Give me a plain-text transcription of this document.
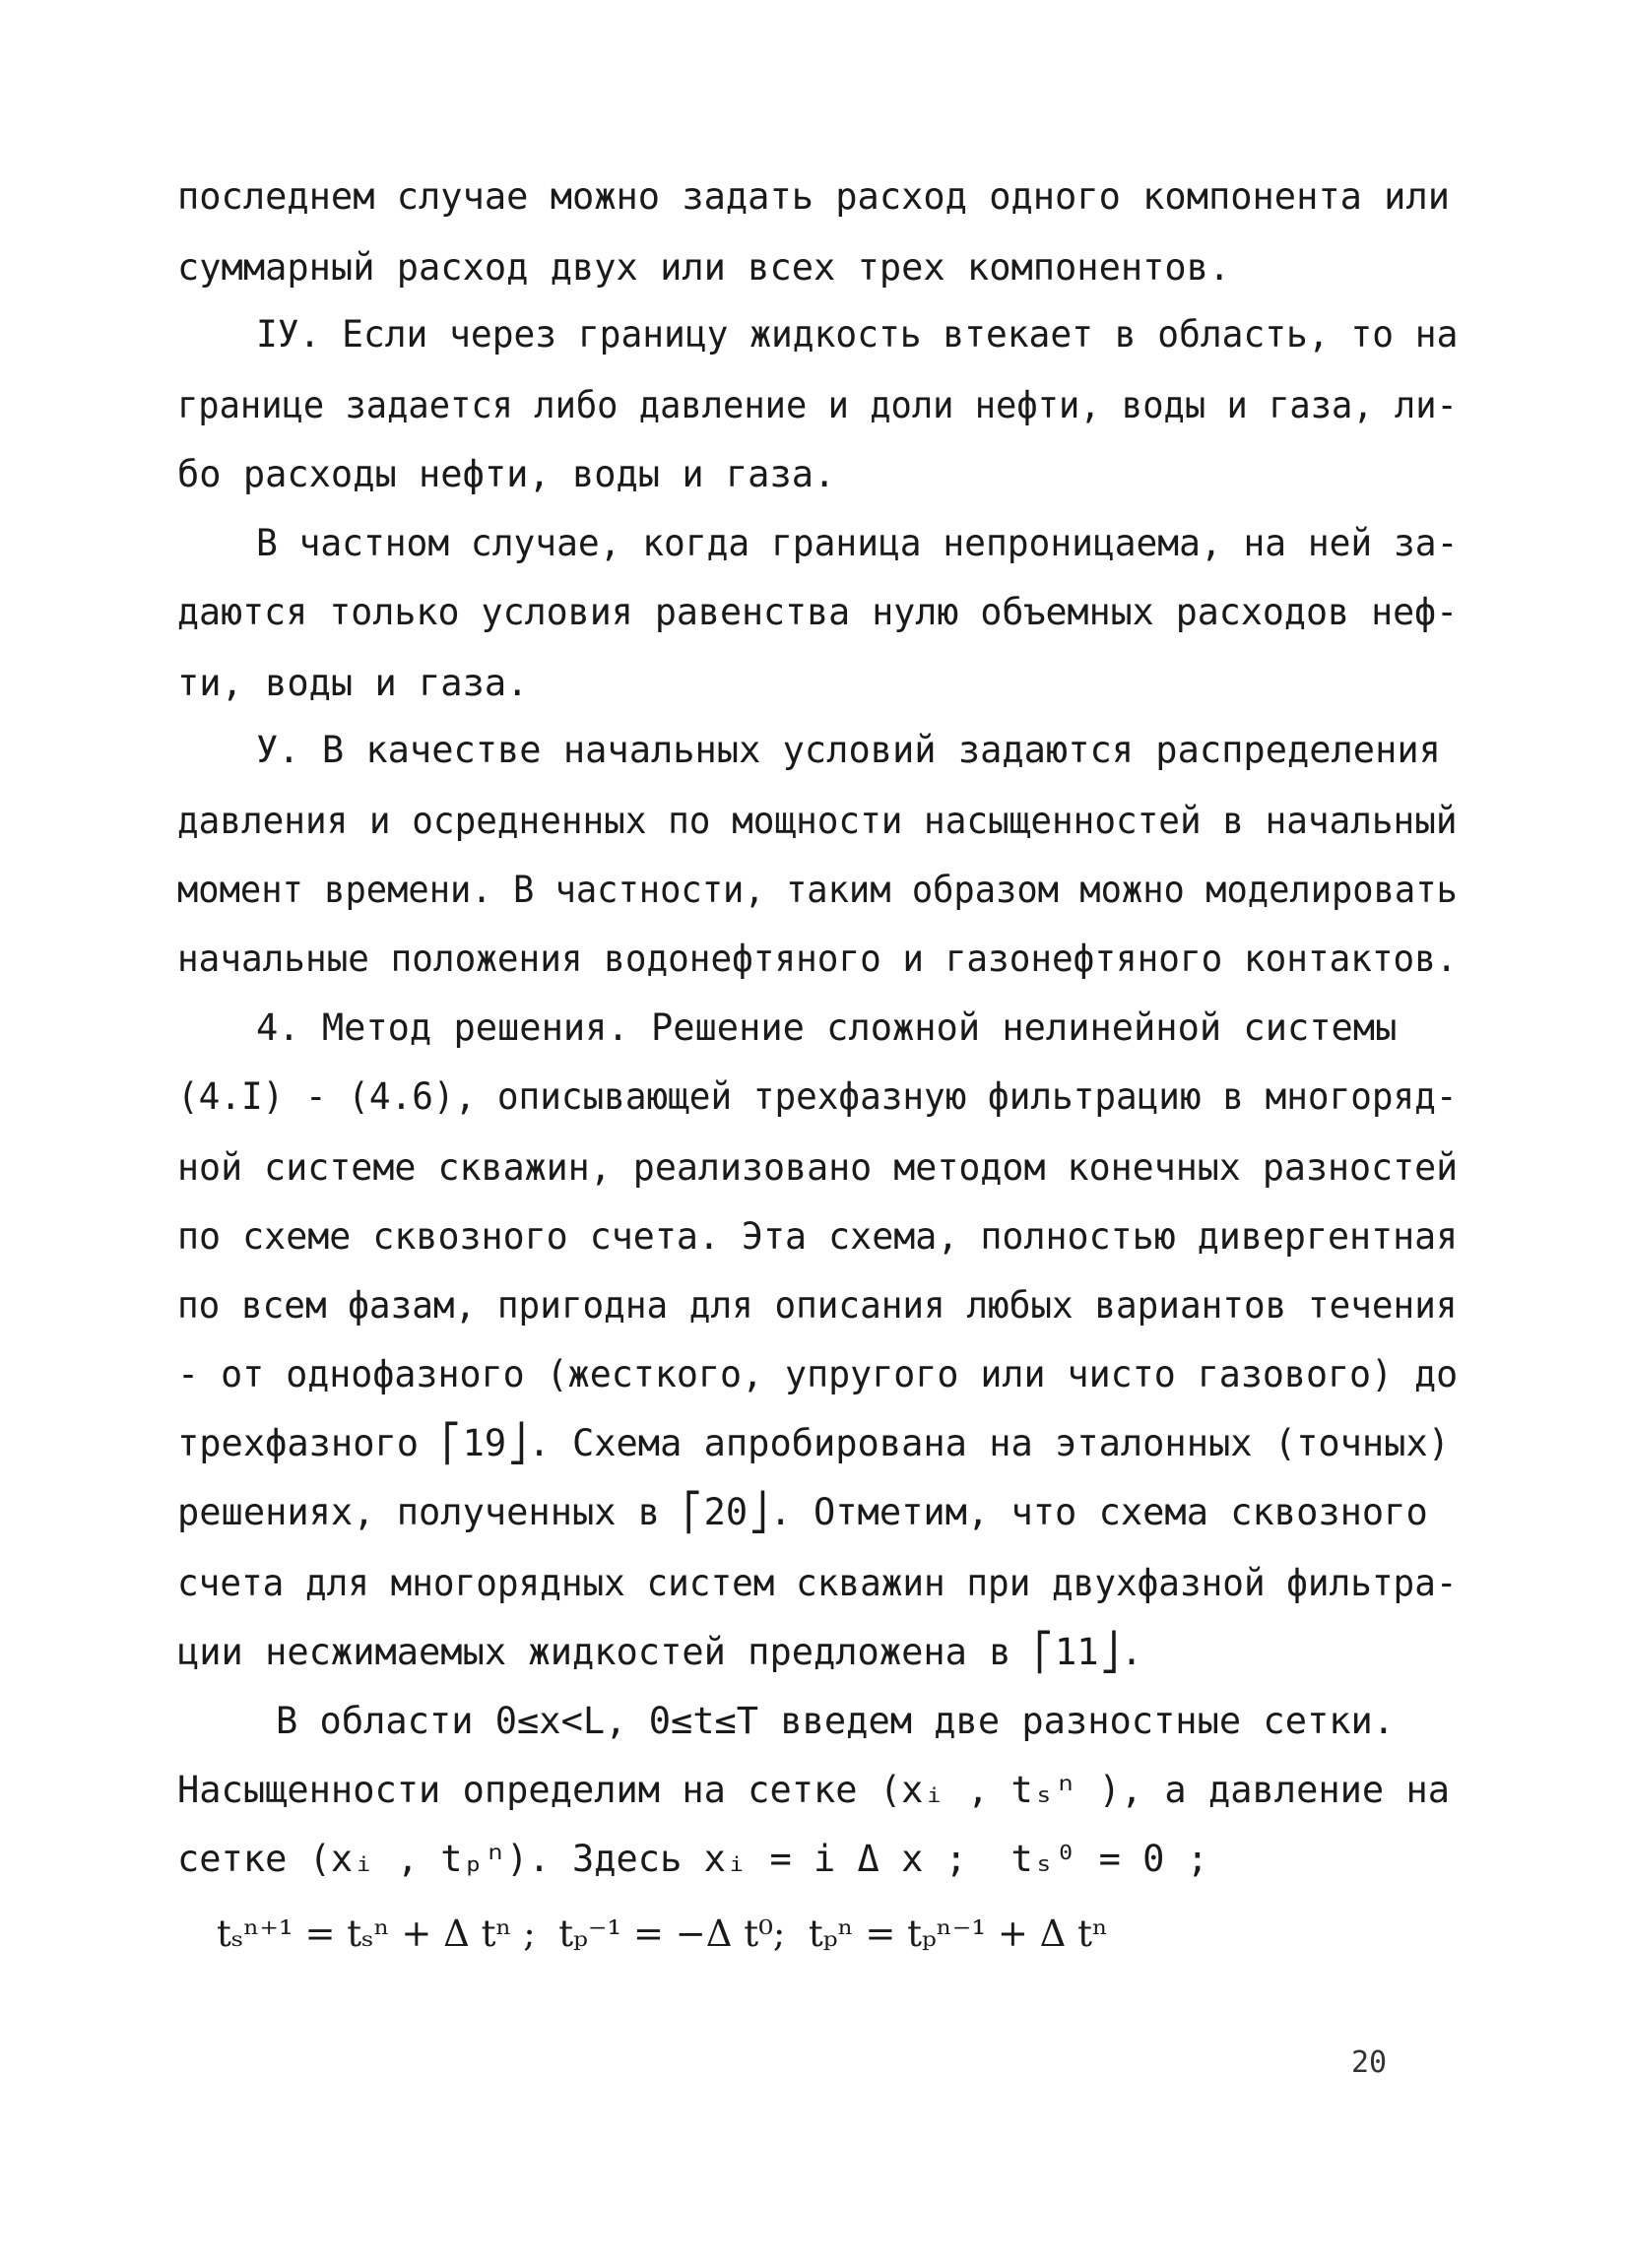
последнем случае можно задать расход одного компонента или
суммарный расход двух или всех трех компонентов.
IУ. Если через границу жидкость втекает в область, то на
границе задается либо давление и доли нефти, воды и газа, ли-
бо расходы нефти, воды и газа.
В частном случае, когда граница непроницаема, на ней за-
даются только условия равенства нулю объемных расходов неф-
ти, воды и газа.
У. В качестве начальных условий задаются распределения
давления и осредненных по мощности насыщенностей в начальный
момент времени. В частности, таким образом можно моделировать
начальные положения водонефтяного и газонефтяного контактов.
4. Метод решения. Решение сложной нелинейной системы
(4.I) - (4.6), описывающей трехфазную фильтрацию в многоряд-
ной системе скважин, реализовано методом конечных разностей
по схеме сквозного счета. Эта схема, полностью дивергентная
по всем фазам, пригодна для описания любых вариантов течения
- от однофазного (жесткого, упругого или чисто газового) до
трехфазного ⎡19⎦. Схема апробирована на эталонных (точных)
решениях, полученных в ⎡20⎦. Отметим, что схема сквозного
счета для многорядных систем скважин при двухфазной фильтра-
ции несжимаемых жидкостей предложена в ⎡11⎦.
В области 0≤x<L, 0≤t≤T введем две разностные сетки.
Насыщенности определим на сетке (xᵢ , tₛⁿ ), а давление на
сетке (xᵢ , tₚⁿ). Здесь xᵢ = i Δ x ;  tₛ⁰ = 0 ;
tₛⁿ⁺¹ = tₛⁿ + Δ tⁿ ;  tₚ⁻¹ = −Δ t⁰;  tₚⁿ = tₚⁿ⁻¹ + Δ tⁿ
20
